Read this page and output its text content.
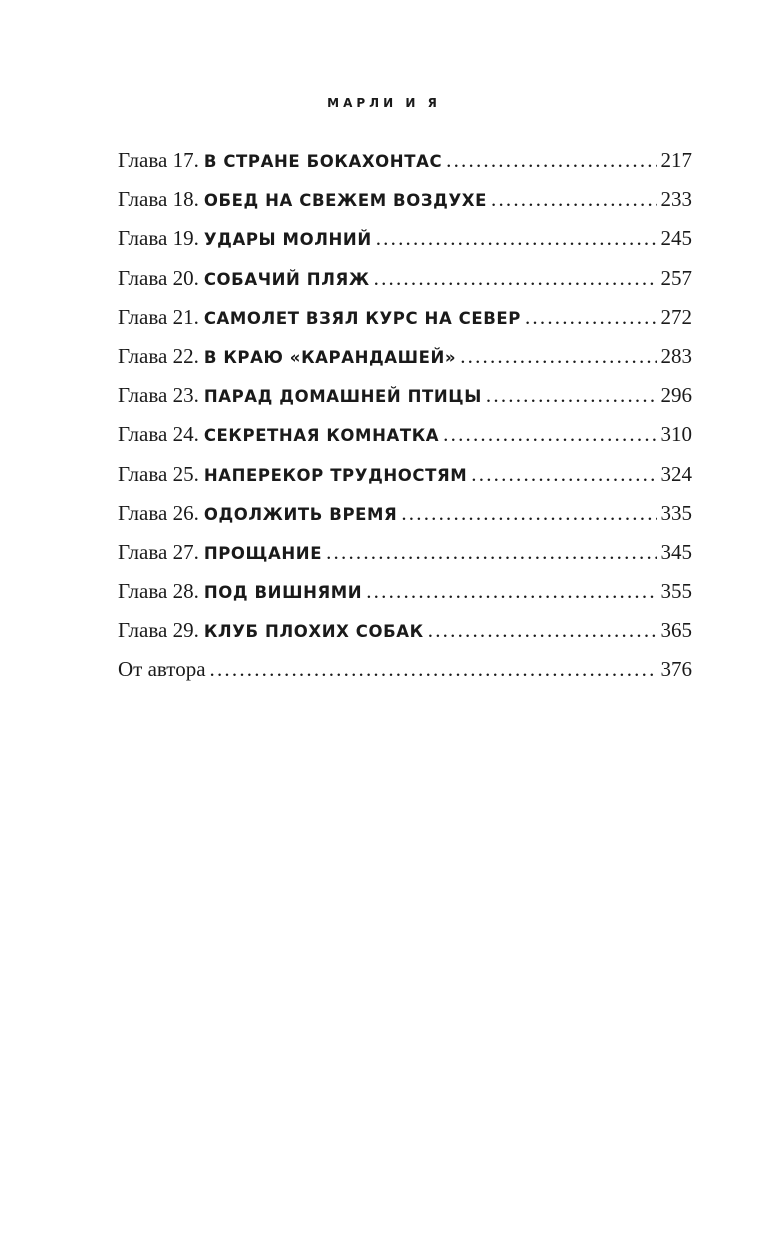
МАРЛИ И Я
Глава 17. В СТРАНЕ БОКАХОНТАС .....	217
Глава 18. ОБЕД НА СВЕЖЕМ ВОЗДУХЕ .....	233
Глава 19. УДАРЫ МОЛНИЙ .....	245
Глава 20. СОБАЧИЙ ПЛЯЖ .....	257
Глава 21. САМОЛЕТ ВЗЯЛ КУРС НА СЕВЕР .....	272
Глава 22. В КРАЮ «КАРАНДАШЕЙ» .....	283
Глава 23. ПАРАД ДОМАШНЕЙ ПТИЦЫ .....	296
Глава 24. СЕКРЕТНАЯ КОМНАТКА .....	310
Глава 25. НАПЕРЕКОР ТРУДНОСТЯМ .....	324
Глава 26. ОДОЛЖИТЬ ВРЕМЯ .....	335
Глава 27. ПРОЩАНИЕ .....	345
Глава 28. ПОД ВИШНЯМИ .....	355
Глава 29. КЛУБ ПЛОХИХ СОБАК .....	365
От автора .....	376
